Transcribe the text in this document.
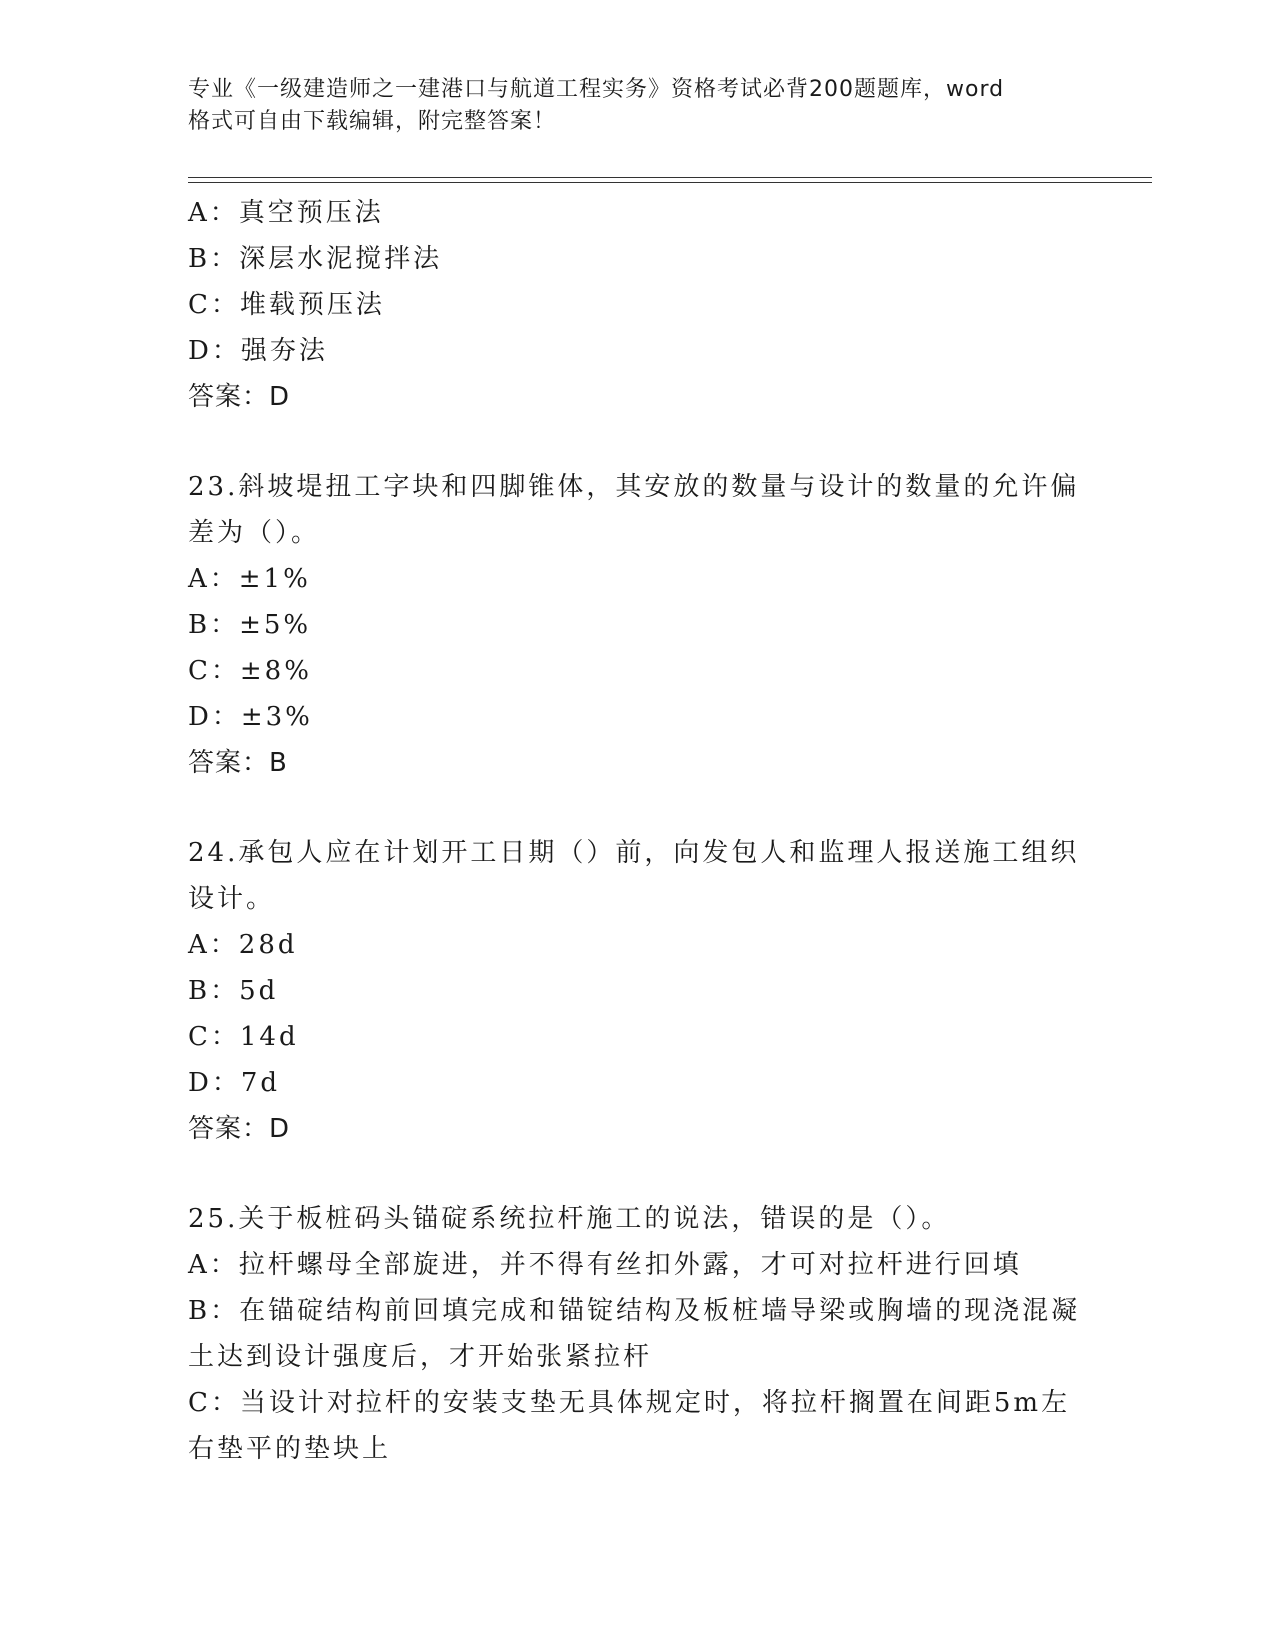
专业《一级建造师之一建港口与航道工程实务》资格考试必背200题题库，word
格式可自由下载编辑，附完整答案！
A：真空预压法
B：深层水泥搅拌法
C：堆载预压法
D：强夯法
答案：D
23.斜坡堤扭工字块和四脚锥体，其安放的数量与设计的数量的允许偏
差为（）。
A：±1%
B：±5%
C：±8%
D：±3%
答案：B
24.承包人应在计划开工日期（）前，向发包人和监理人报送施工组织
设计。
A：28d
B：5d
C：14d
D：7d
答案：D
25.关于板桩码头锚碇系统拉杆施工的说法，错误的是（）。
A：拉杆螺母全部旋进，并不得有丝扣外露，才可对拉杆进行回填
B：在锚碇结构前回填完成和锚锭结构及板桩墙导梁或胸墙的现浇混凝
土达到设计强度后，才开始张紧拉杆
C：当设计对拉杆的安装支垫无具体规定时，将拉杆搁置在间距5m左
右垫平的垫块上
